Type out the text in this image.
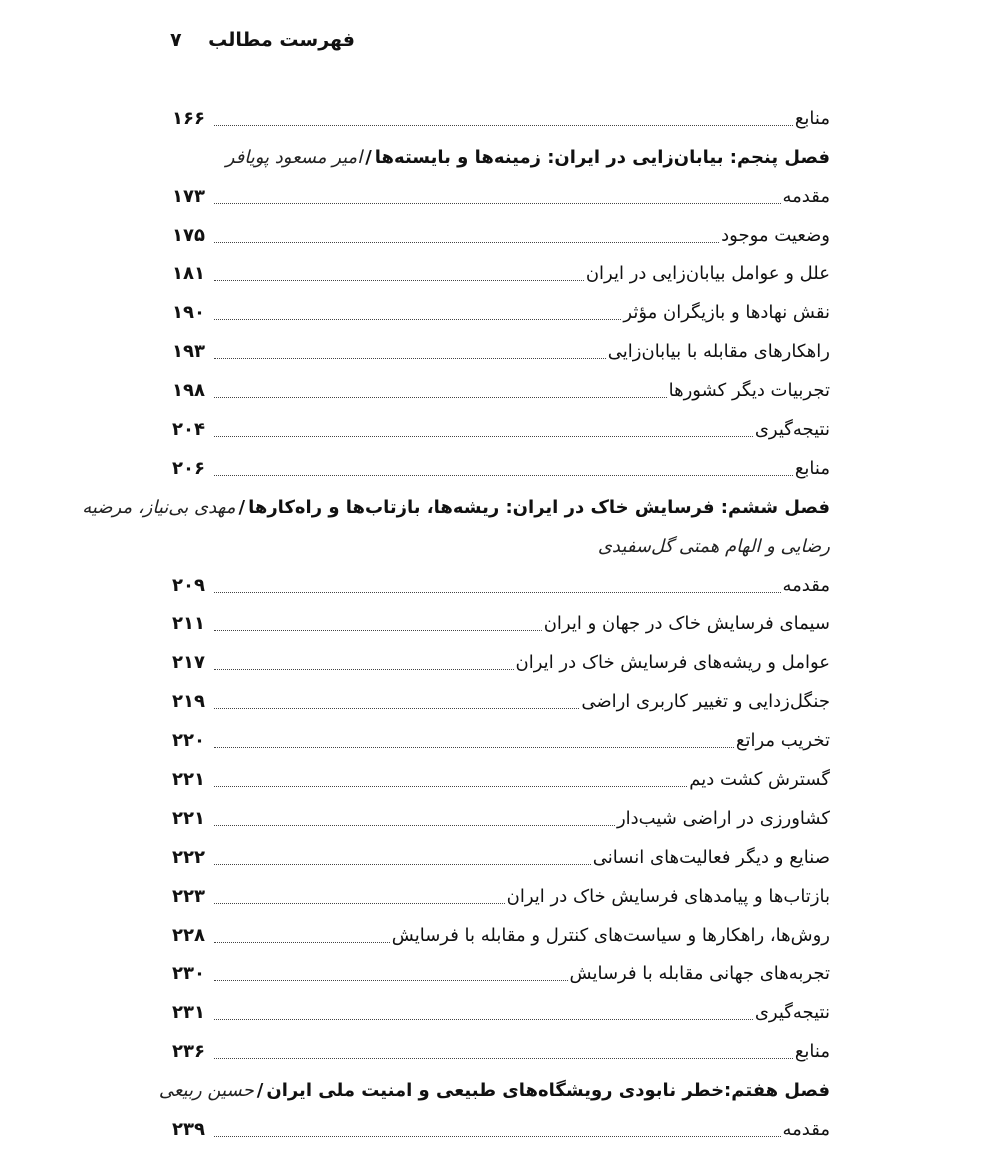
فهرست مطالب
۷
منابع
۱۶۶
فصل پنجم: بیابان‌زایی در ایران: زمینه‌ها و بایسته‌ها
/
امیر مسعود پویافر
مقدمه
۱۷۳
وضعیت موجود
۱۷۵
علل و عوامل بیابان‌زایی در ایران
۱۸۱
نقش نهادها و بازیگران مؤثر
۱۹۰
راهکارهای مقابله با بیابان‌زایی
۱۹۳
تجربیات دیگر کشورها
۱۹۸
نتیجه‌گیری
۲۰۴
منابع
۲۰۶
فصل ششم: فرسایش خاک در ایران: ریشه‌ها، بازتاب‌ها و راه‌کارها
/
مهدی بی‌نیاز، مرضیه
رضایی و الهام همتی گل‌سفیدی
مقدمه
۲۰۹
سیمای فرسایش خاک در جهان و ایران
۲۱۱
عوامل و ریشه‌های فرسایش خاک در ایران
۲۱۷
جنگل‌زدایی و تغییر کاربری اراضی
۲۱۹
تخریب مراتع
۲۲۰
گسترش کشت دیم
۲۲۱
کشاورزی در اراضی شیب‌دار
۲۲۱
صنایع و دیگر فعالیت‌های انسانی
۲۲۲
بازتاب‌ها و پیامدهای فرسایش خاک در ایران
۲۲۳
روش‌ها، راهکارها و سیاست‌های کنترل و مقابله با فرسایش
۲۲۸
تجربه‌های جهانی مقابله با فرسایش
۲۳۰
نتیجه‌گیری
۲۳۱
منابع
۲۳۶
فصل هفتم:خطر نابودی رویشگاه‌های طبیعی و امنیت ملی ایران
/
حسین ربیعی
مقدمه
۲۳۹
